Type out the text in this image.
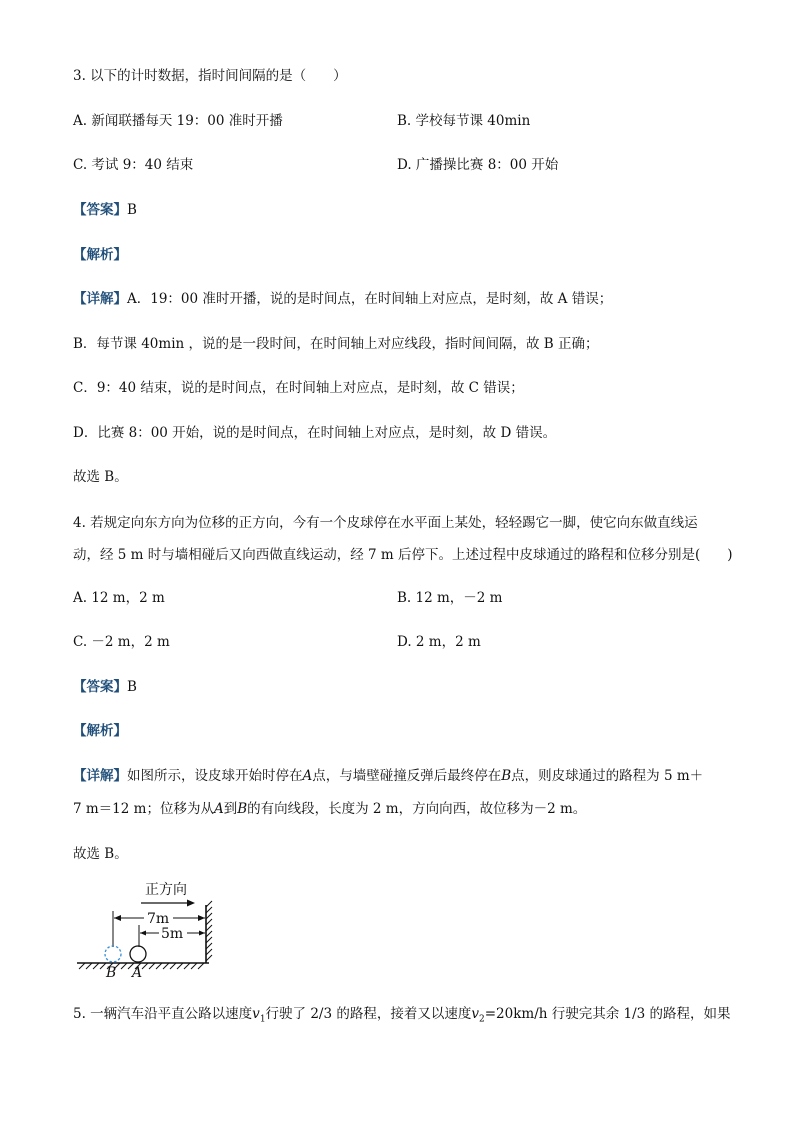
3. 以下的计时数据，指时间间隔的是（　　）
A. 新闻联播每天 19：00 准时开播	B. 学校每节课 40min
C. 考试 9：40 结束	D. 广播操比赛 8：00 开始
【答案】B
【解析】
【详解】A．19：00 准时开播，说的是时间点，在时间轴上对应点，是时刻，故 A 错误；
B．每节课 40min ，说的是一段时间，在时间轴上对应线段，指时间间隔，故 B 正确；
C．9：40 结束，说的是时间点，在时间轴上对应点，是时刻，故 C 错误；
D．比赛 8：00 开始，说的是时间点，在时间轴上对应点，是时刻，故 D 错误。
故选 B。
4. 若规定向东方向为位移的正方向，今有一个皮球停在水平面上某处，轻轻踢它一脚，使它向东做直线运
动，经 5 m 时与墙相碰后又向西做直线运动，经 7 m 后停下。上述过程中皮球通过的路程和位移分别是(　　)
A. 12 m，2 m	B. 12 m，－2 m
C. －2 m，2 m	D. 2 m，2 m
【答案】B
【解析】
【详解】如图所示，设皮球开始时停在A点，与墙壁碰撞反弹后最终停在B点，则皮球通过的路程为 5 m＋
7 m＝12 m；位移为从A到B的有向线段，长度为 2 m，方向向西，故位移为－2 m。
故选 B。
正方向
7m
5m
B A
5. 一辆汽车沿平直公路以速度$v_1$行驶了 2/3 的路程，接着又以速度$v_2=20km/h$ 行驶完其余 1/3 的路程，如果
